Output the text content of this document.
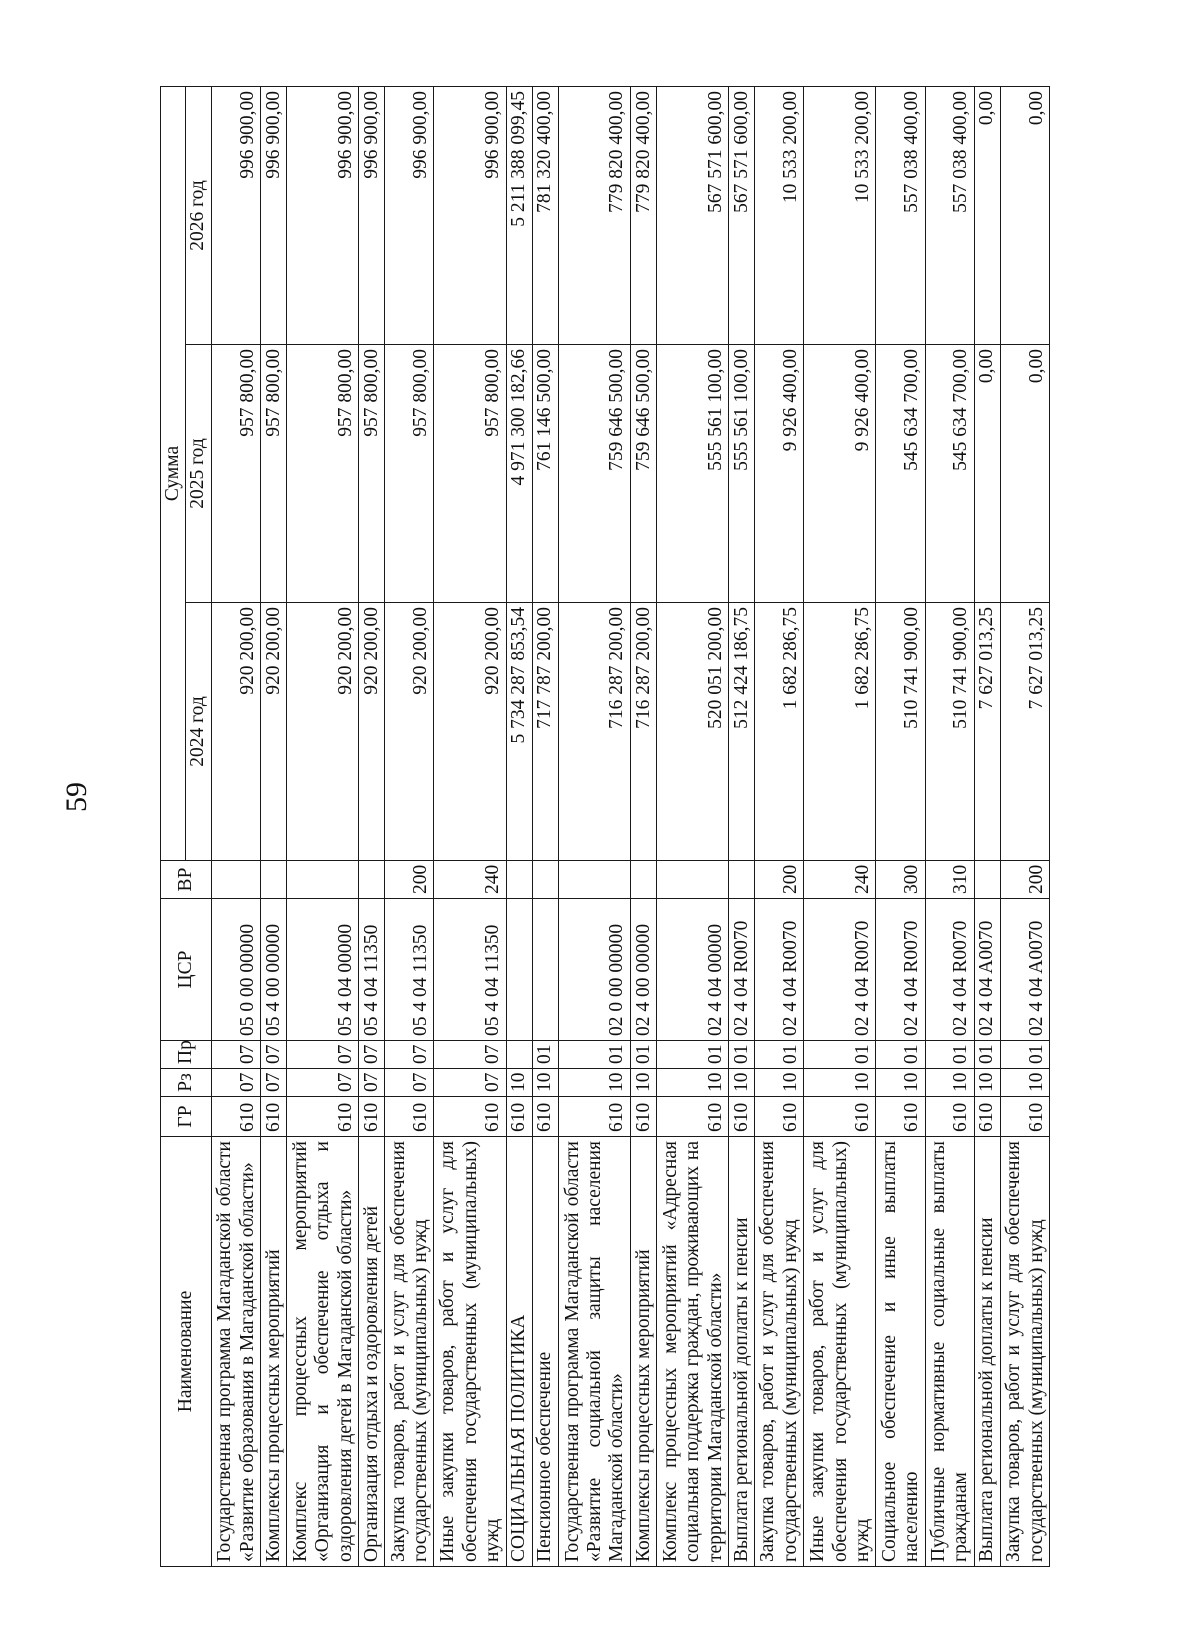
59
Наименование	ГР	Рз	Пр	ЦСР	ВР	Сумма		
						2024 год	2025 год	2026 год
Государственная программа Магаданской области «Развитие образования в Магаданской области»	610	07	07	05 0 00 00000		920 200,00	957 800,00	996 900,00
Комплексы процессных мероприятий	610	07	07	05 4 00 00000		920 200,00	957 800,00	996 900,00
Комплекс процессных мероприятий «Организация и обеспечение отдыха и оздоровления детей в Магаданской области»	610	07	07	05 4 04 00000		920 200,00	957 800,00	996 900,00
Организация отдыха и оздоровления детей	610	07	07	05 4 04 11350		920 200,00	957 800,00	996 900,00
Закупка товаров, работ и услуг для обеспечения государственных (муниципальных) нужд	610	07	07	05 4 04 11350	200	920 200,00	957 800,00	996 900,00
Иные закупки товаров, работ и услуг для обеспечения государственных (муниципальных) нужд	610	07	07	05 4 04 11350	240	920 200,00	957 800,00	996 900,00
СОЦИАЛЬНАЯ ПОЛИТИКА	610	10				5 734 287 853,54	4 971 300 182,66	5 211 388 099,45
Пенсионное обеспечение	610	10	01			717 787 200,00	761 146 500,00	781 320 400,00
Государственная программа Магаданской области «Развитие социальной защиты населения Магаданской области»	610	10	01	02 0 00 00000		716 287 200,00	759 646 500,00	779 820 400,00
Комплексы процессных мероприятий	610	10	01	02 4 00 00000		716 287 200,00	759 646 500,00	779 820 400,00
Комплекс процессных мероприятий «Адресная социальная поддержка граждан, проживающих на территории Магаданской области»	610	10	01	02 4 04 00000		520 051 200,00	555 561 100,00	567 571 600,00
Выплата региональной доплаты к пенсии	610	10	01	02 4 04 R0070		512 424 186,75	555 561 100,00	567 571 600,00
Закупка товаров, работ и услуг для обеспечения государственных (муниципальных) нужд	610	10	01	02 4 04 R0070	200	1 682 286,75	9 926 400,00	10 533 200,00
Иные закупки товаров, работ и услуг для обеспечения государственных (муниципальных) нужд	610	10	01	02 4 04 R0070	240	1 682 286,75	9 926 400,00	10 533 200,00
Социальное обеспечение и иные выплаты населению	610	10	01	02 4 04 R0070	300	510 741 900,00	545 634 700,00	557 038 400,00
Публичные нормативные социальные выплаты гражданам	610	10	01	02 4 04 R0070	310	510 741 900,00	545 634 700,00	557 038 400,00
Выплата региональной доплаты к пенсии	610	10	01	02 4 04 A0070		7 627 013,25	0,00	0,00
Закупка товаров, работ и услуг для обеспечения государственных (муниципальных) нужд	610	10	01	02 4 04 A0070	200	7 627 013,25	0,00	0,00
